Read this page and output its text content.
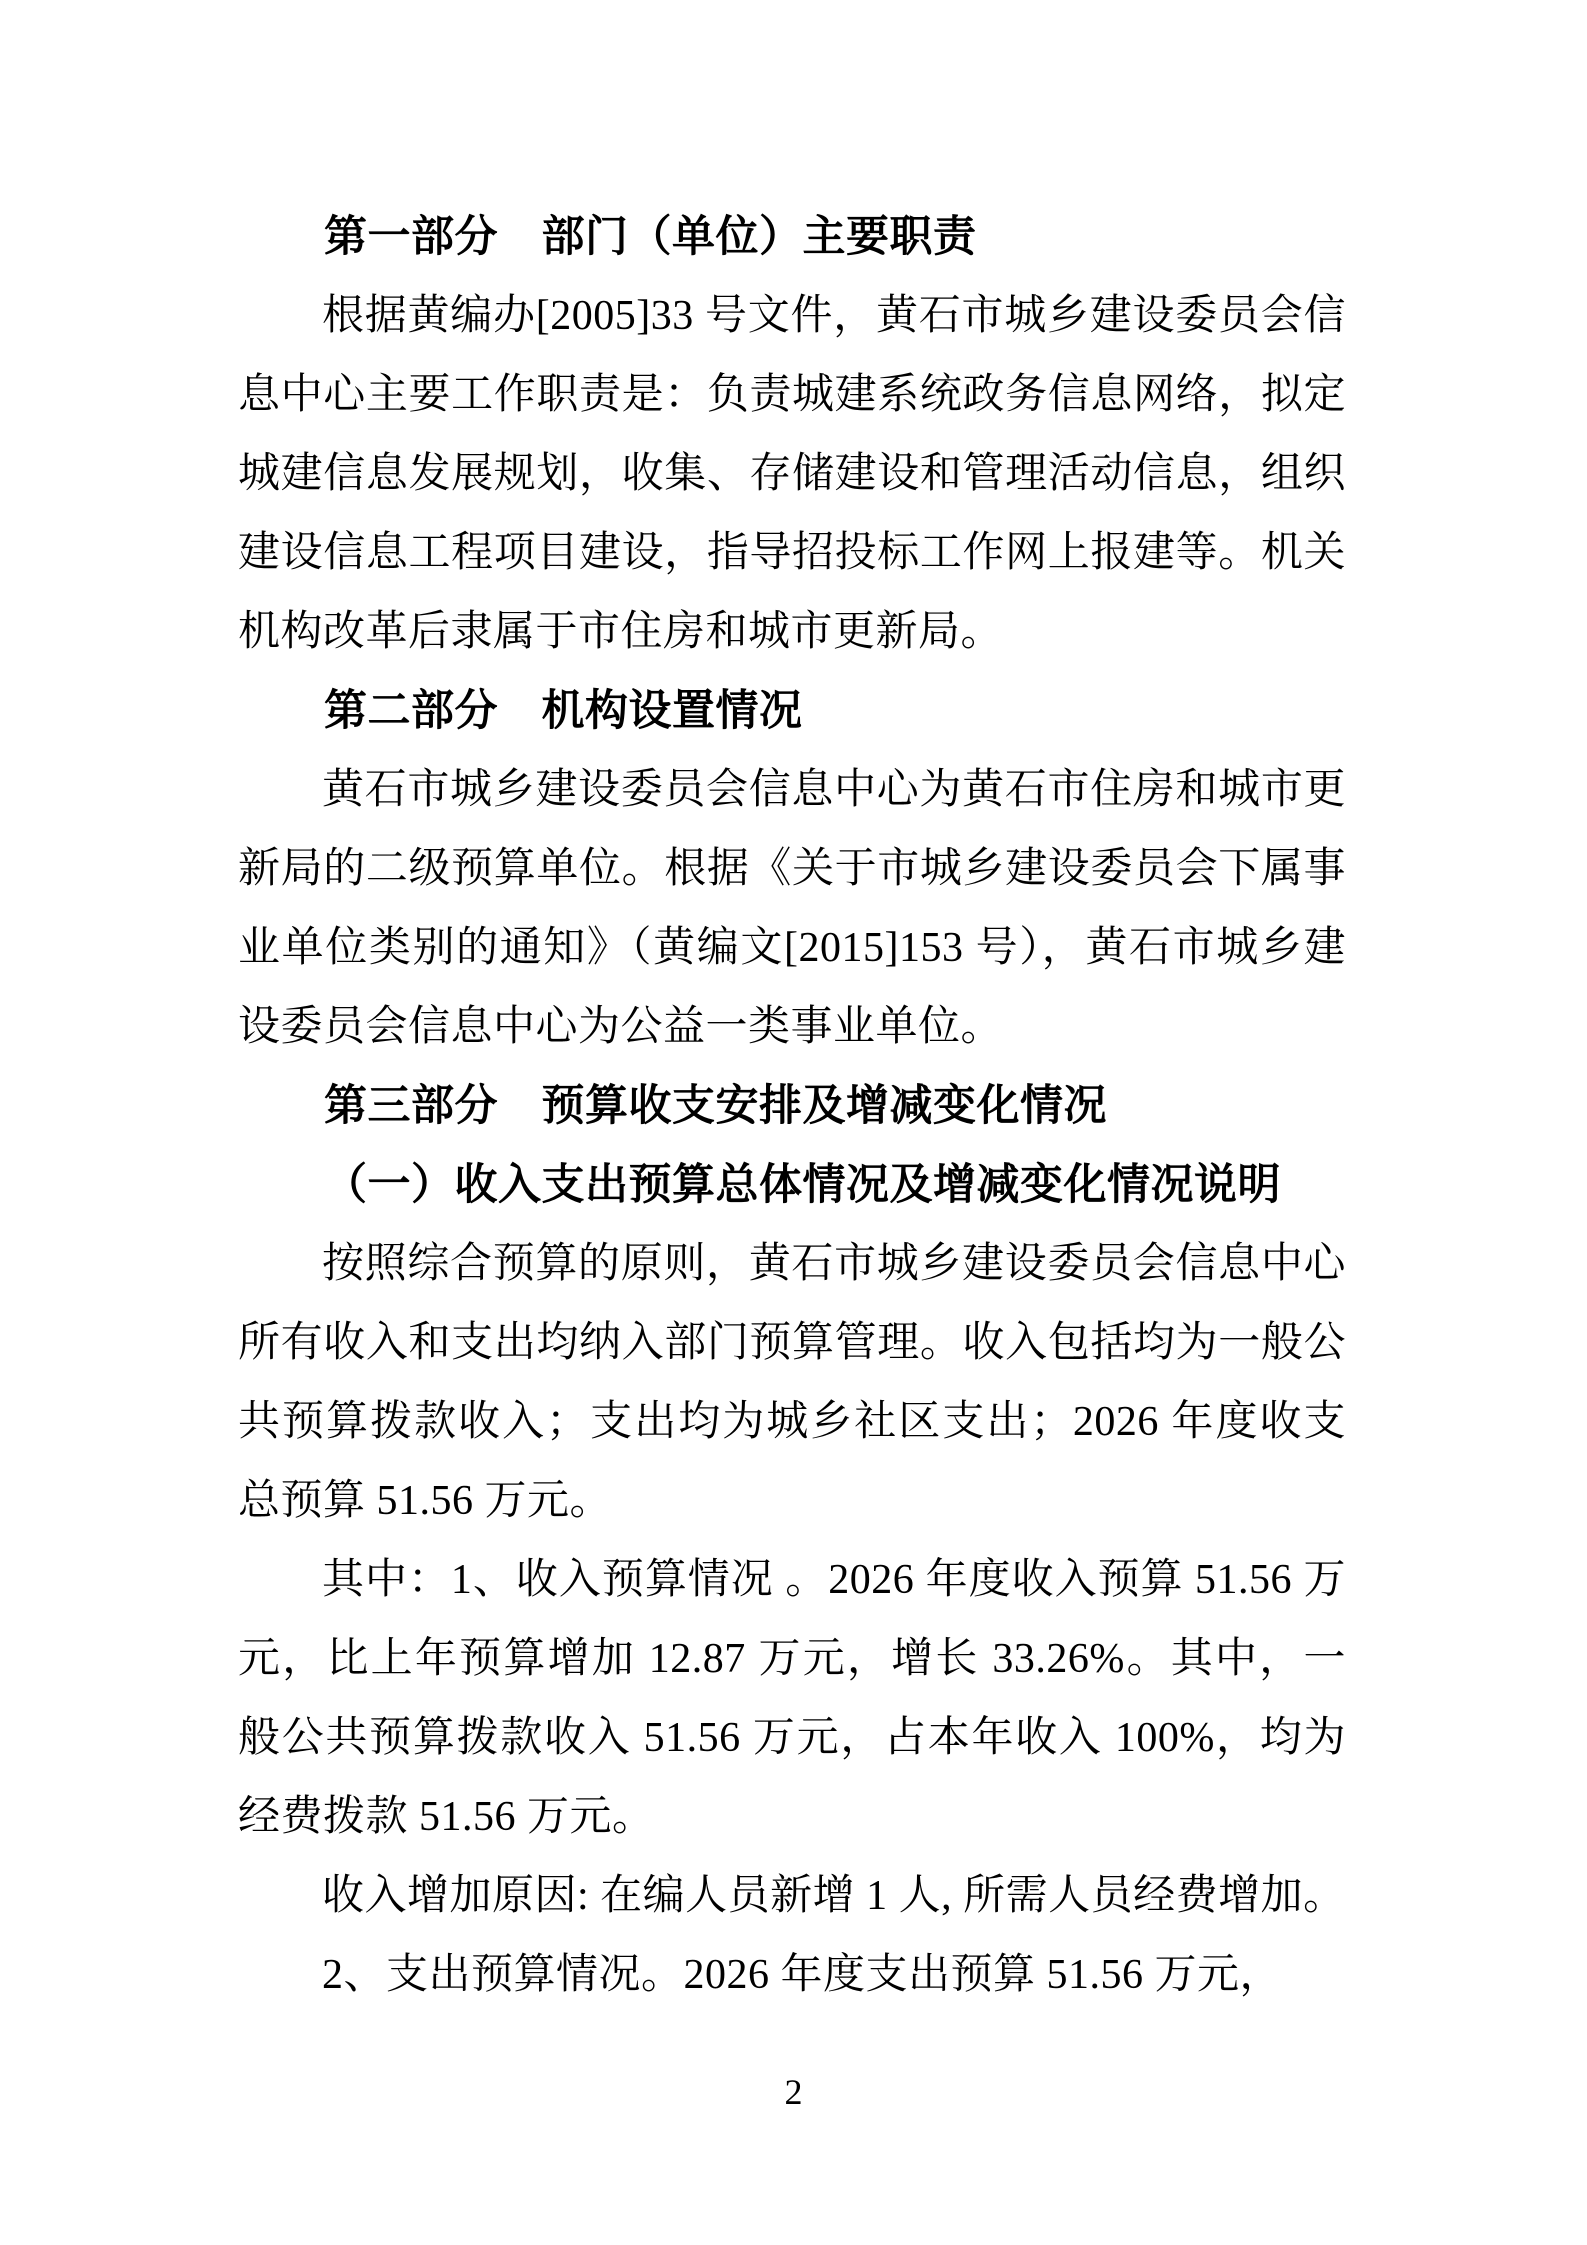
第一部分　部门（单位）主要职责

根据黄编办[2005]33 号文件，黄石市城乡建设委员会信息中心主要工作职责是：负责城建系统政务信息网络，拟定城建信息发展规划，收集、存储建设和管理活动信息，组织建设信息工程项目建设，指导招投标工作网上报建等。机关机构改革后隶属于市住房和城市更新局。

第二部分　机构设置情况

黄石市城乡建设委员会信息中心为黄石市住房和城市更新局的二级预算单位。根据《关于市城乡建设委员会下属事业单位类别的通知》（黄编文[2015]153 号），黄石市城乡建设委员会信息中心为公益一类事业单位。

第三部分　预算收支安排及增减变化情况
（一）收入支出预算总体情况及增减变化情况说明

按照综合预算的原则，黄石市城乡建设委员会信息中心所有收入和支出均纳入部门预算管理。收入包括均为一般公共预算拨款收入；支出均为城乡社区支出；2026 年度收支总预算 51.56 万元。

其中：1、收入预算情况 。2026 年度收入预算 51.56 万元，比上年预算增加 12.87 万元，增长 33.26%。其中，一般公共预算拨款收入 51.56 万元，占本年收入 100%，均为经费拨款 51.56 万元。

收入增加原因: 在编人员新增 1 人, 所需人员经费增加。

2、支出预算情况。2026 年度支出预算 51.56 万元，

2
